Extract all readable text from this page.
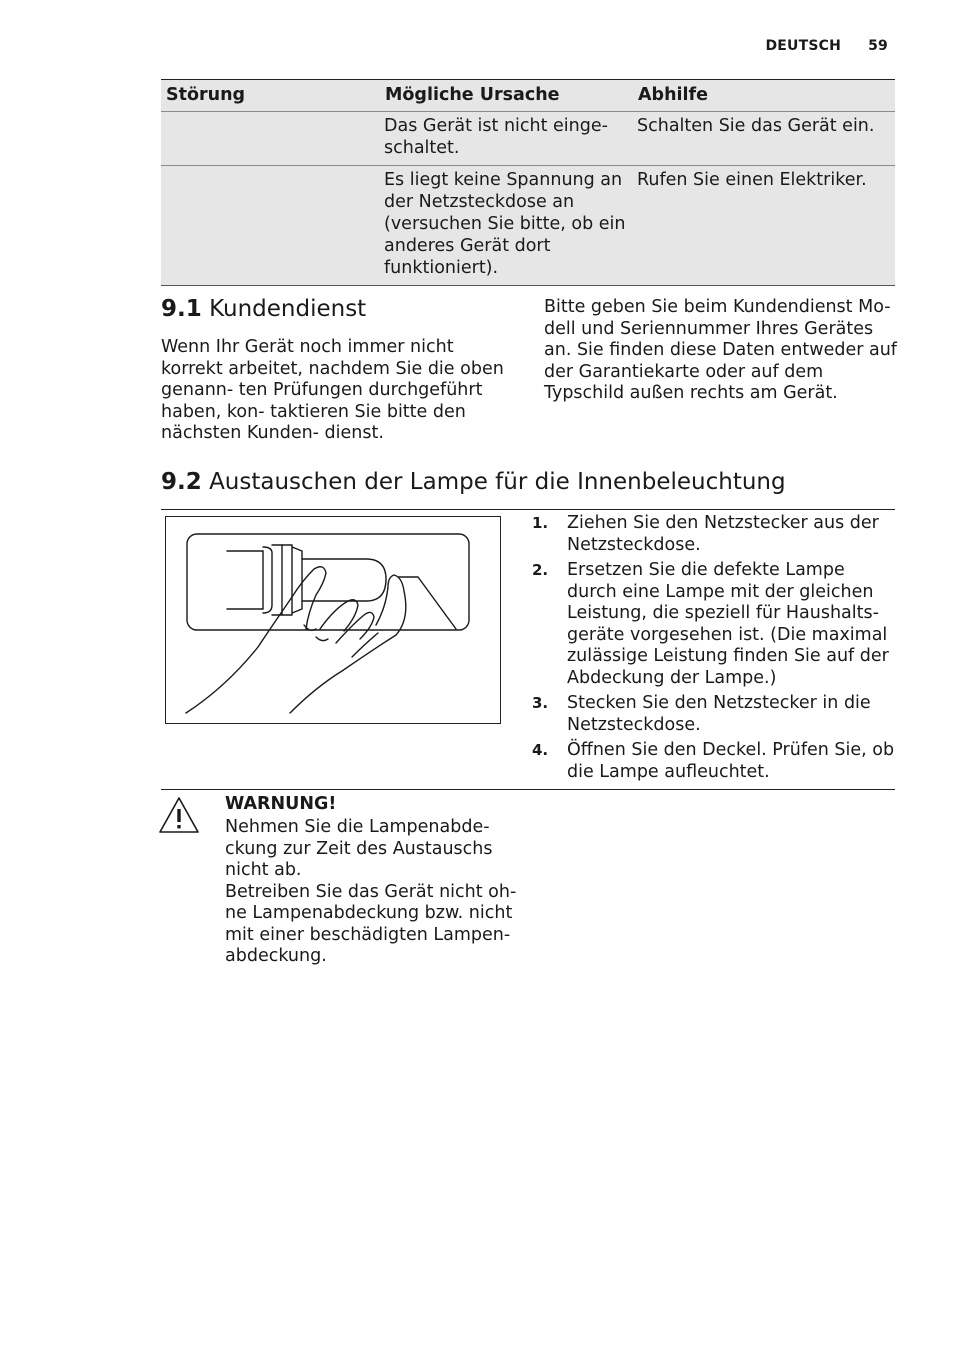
DEUTSCH 59
Störung	Mögliche Ursache	Abhilfe
	Das Gerät ist nicht einge- schaltet.	Schalten Sie das Gerät ein.
	Es liegt keine Spannung an der Netzsteckdose an (versuchen Sie bitte, ob ein anderes Gerät dort funktioniert).	Rufen Sie einen Elektriker.
9.1 Kundendienst
Wenn Ihr Gerät noch immer nicht korrekt arbeitet, nachdem Sie die oben genann- ten Prüfungen durchgeführt haben, kon- taktieren Sie bitte den nächsten Kunden- dienst.
Bitte geben Sie beim Kundendienst Mo- dell und Seriennummer Ihres Gerätes an. Sie finden diese Daten entweder auf der Garantiekarte oder auf dem Typschild außen rechts am Gerät.
9.2 Austauschen der Lampe für die Innenbeleuchtung
1. Ziehen Sie den Netzstecker aus der Netzsteckdose.
2. Ersetzen Sie die defekte Lampe durch eine Lampe mit der gleichen Leistung, die speziell für Haushalts- geräte vorgesehen ist. (Die maximal zulässige Leistung finden Sie auf der Abdeckung der Lampe.)
3. Stecken Sie den Netzstecker in die Netzsteckdose.
4. Öffnen Sie den Deckel. Prüfen Sie, ob die Lampe aufleuchtet.
WARNUNG!

Nehmen Sie die Lampenabde- ckung zur Zeit des Austauschs nicht ab.

Betreiben Sie das Gerät nicht oh- ne Lampenabdeckung bzw. nicht mit einer beschädigten Lampen- abdeckung.
